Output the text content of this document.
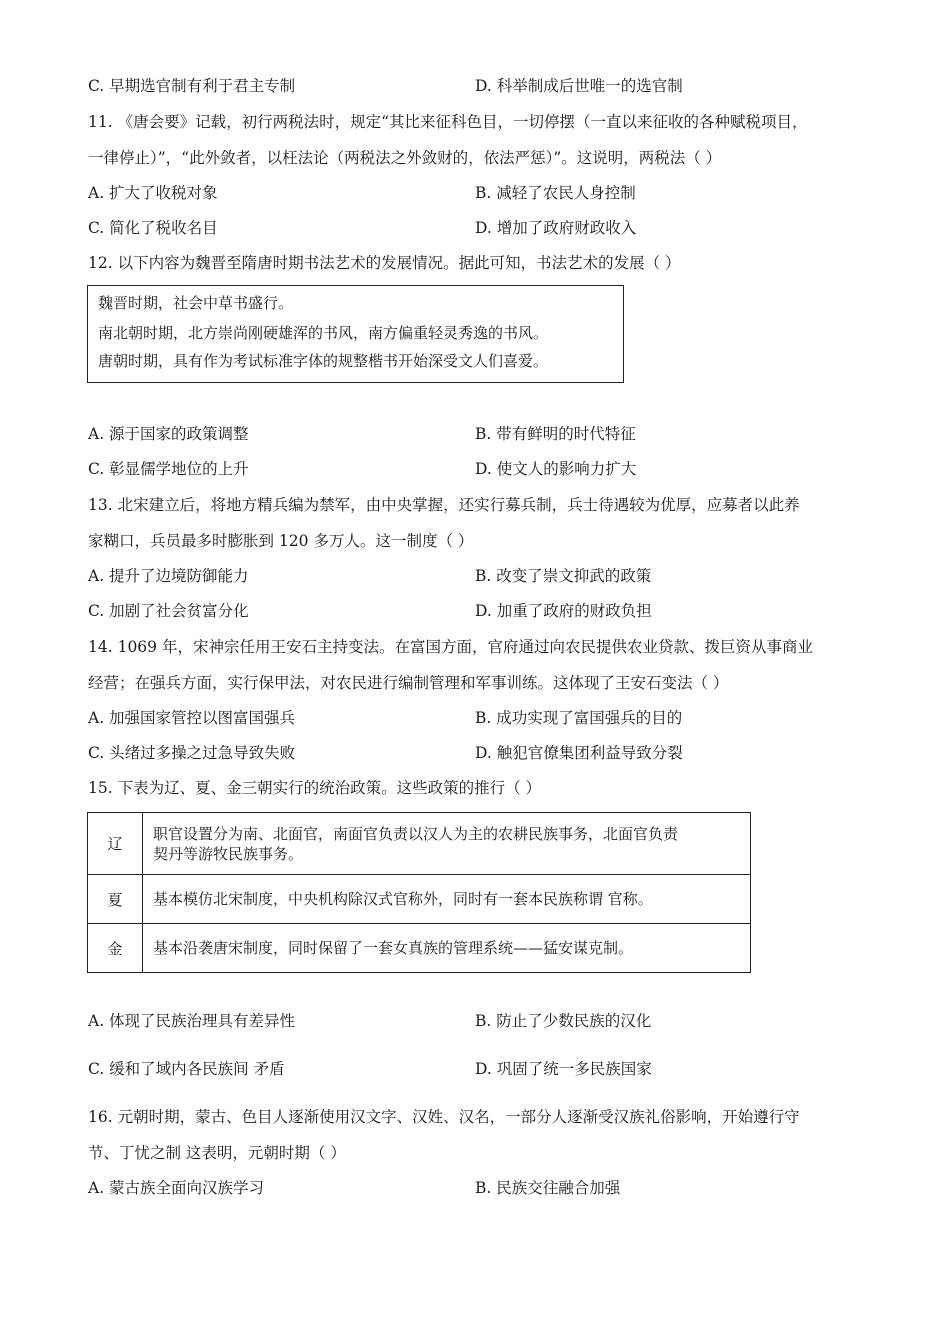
C. 早期选官制有利于君主专制	D. 科举制成后世唯一的选官制
11. 《唐会要》记载，初行两税法时，规定“其比来征科色目，一切停摆（一直以来征收的各种赋税项目，
一律停止）”，“此外敛者，以枉法论（两税法之外敛财的，依法严惩）”。这说明，两税法（ ）
A. 扩大了收税对象	B. 减轻了农民人身控制
C. 简化了税收名目	D. 增加了政府财政收入
12. 以下内容为魏晋至隋唐时期书法艺术的发展情况。据此可知，书法艺术的发展（ ）
魏晋时期，社会中草书盛行。
南北朝时期，北方崇尚刚硬雄浑的书风，南方偏重轻灵秀逸的书风。
唐朝时期，具有作为考试标准字体的规整楷书开始深受文人们喜爱。
A. 源于国家的政策调整	B. 带有鲜明的时代特征
C. 彰显儒学地位的上升	D. 使文人的影响力扩大
13. 北宋建立后，将地方精兵编为禁军，由中央掌握，还实行募兵制，兵士待遇较为优厚，应募者以此养
家糊口，兵员最多时膨胀到 120 多万人。这一制度（ ）
A. 提升了边境防御能力	B. 改变了崇文抑武的政策
C. 加剧了社会贫富分化	D. 加重了政府的财政负担
14. 1069 年，宋神宗任用王安石主持变法。在富国方面，官府通过向农民提供农业贷款、拨巨资从事商业
经营；在强兵方面，实行保甲法，对农民进行编制管理和军事训练。这体现了王安石变法（ ）
A. 加强国家管控以图富国强兵	B. 成功实现了富国强兵的目的
C. 头绪过多操之过急导致失败	D. 触犯官僚集团利益导致分裂
15. 下表为辽、夏、金三朝实行的统治政策。这些政策的推行（ ）
辽	职官设置分为南、北面官，南面官负责以汉人为主的农耕民族事务，北面官负责
契丹等游牧民族事务。

夏	基本模仿北宋制度，中央机构除汉式官称外，同时有一套本民族称谓 官称。
金	基本沿袭唐宋制度，同时保留了一套女真族的管理系统——猛安谋克制。
A. 体现了民族治理具有差异性	B. 防止了少数民族的汉化
C. 缓和了域内各民族间 矛盾	D. 巩固了统一多民族国家
16. 元朝时期，蒙古、色目人逐渐使用汉文字、汉姓、汉名，一部分人逐渐受汉族礼俗影响，开始遵行守
节、丁忧之制 这表明，元朝时期（ ）
A. 蒙古族全面向汉族学习	B. 民族交往融合加强
